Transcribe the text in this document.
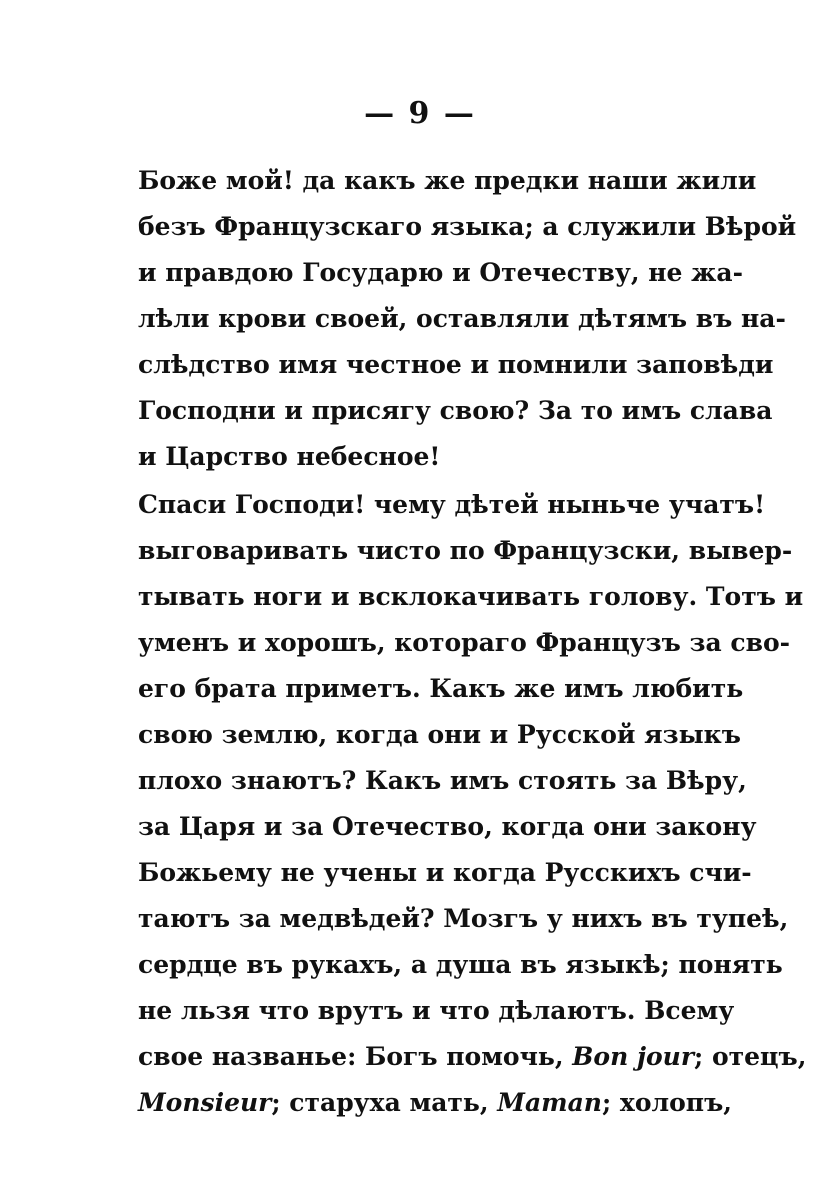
— 9 —
Боже мой! да какъ же предки наши жили
безъ Французскаго языка; а служили Вѣрой
и правдою Государю и Отечеству, не жа-
лѣли крови своей, оставляли дѣтямъ въ на-
слѣдство имя честное и помнили заповѣди
Господни и присягу свою? За то имъ слава
и Царство небесное!
Спаси Господи! чему дѣтей ныньче учатъ!
выговаривать чисто по Французски, вывер-
тывать ноги и всклокачивать голову. Тотъ и
уменъ и хорошъ, котораго Французъ за сво-
его брата приметъ. Какъ же имъ любить
свою землю, когда они и Русской языкъ
плохо знаютъ? Какъ имъ стоять за Вѣру,
за Царя и за Отечество, когда они закону
Божьему не учены и когда Русскихъ счи-
таютъ за медвѣдей? Мозгъ у нихъ въ тупеѣ,
сердце въ рукахъ, а душа въ языкѣ; понять
не льзя что врутъ и что дѣлаютъ. Всему
свое названье: Богъ помочь, Bon jour; отецъ,
Monsieur; старуха мать, Maman; холопъ,
